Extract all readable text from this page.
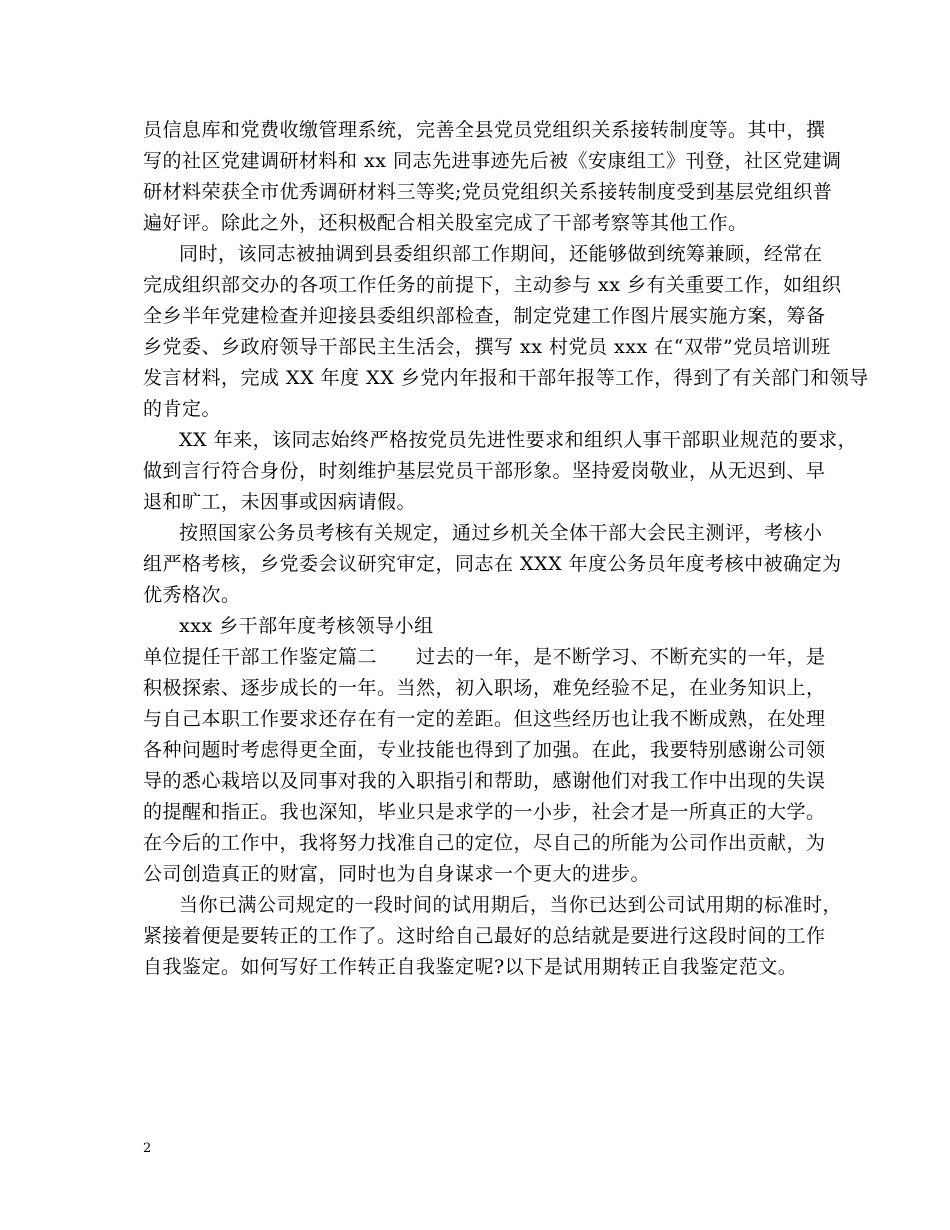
员信息库和党费收缴管理系统，完善全县党员党组织关系接转制度等。其中，撰
写的社区党建调研材料和 xx 同志先进事迹先后被《安康组工》刊登，社区党建调
研材料荣获全市优秀调研材料三等奖;党员党组织关系接转制度受到基层党组织普
遍好评。除此之外，还积极配合相关股室完成了干部考察等其他工作。
同时，该同志被抽调到县委组织部工作期间，还能够做到统筹兼顾，经常在
完成组织部交办的各项工作任务的前提下，主动参与 xx 乡有关重要工作，如组织
全乡半年党建检查并迎接县委组织部检查，制定党建工作图片展实施方案，筹备
乡党委、乡政府领导干部民主生活会，撰写 xx 村党员 xxx 在“双带”党员培训班
发言材料，完成 XX 年度 XX 乡党内年报和干部年报等工作，得到了有关部门和领导
的肯定。
XX 年来，该同志始终严格按党员先进性要求和组织人事干部职业规范的要求，
做到言行符合身份，时刻维护基层党员干部形象。坚持爱岗敬业，从无迟到、早
退和旷工，未因事或因病请假。
按照国家公务员考核有关规定，通过乡机关全体干部大会民主测评，考核小
组严格考核，乡党委会议研究审定，同志在 XXX 年度公务员年度考核中被确定为
优秀格次。
xxx 乡干部年度考核领导小组
单位提任干部工作鉴定篇二　　过去的一年，是不断学习、不断充实的一年，是
积极探索、逐步成长的一年。当然，初入职场，难免经验不足，在业务知识上，
与自己本职工作要求还存在有一定的差距。但这些经历也让我不断成熟，在处理
各种问题时考虑得更全面，专业技能也得到了加强。在此，我要特别感谢公司领
导的悉心栽培以及同事对我的入职指引和帮助，感谢他们对我工作中出现的失误
的提醒和指正。我也深知，毕业只是求学的一小步，社会才是一所真正的大学。
在今后的工作中，我将努力找准自己的定位，尽自己的所能为公司作出贡献，为
公司创造真正的财富，同时也为自身谋求一个更大的进步。
当你已满公司规定的一段时间的试用期后，当你已达到公司试用期的标准时，
紧接着便是要转正的工作了。这时给自己最好的总结就是要进行这段时间的工作
自我鉴定。如何写好工作转正自我鉴定呢?以下是试用期转正自我鉴定范文。
2
